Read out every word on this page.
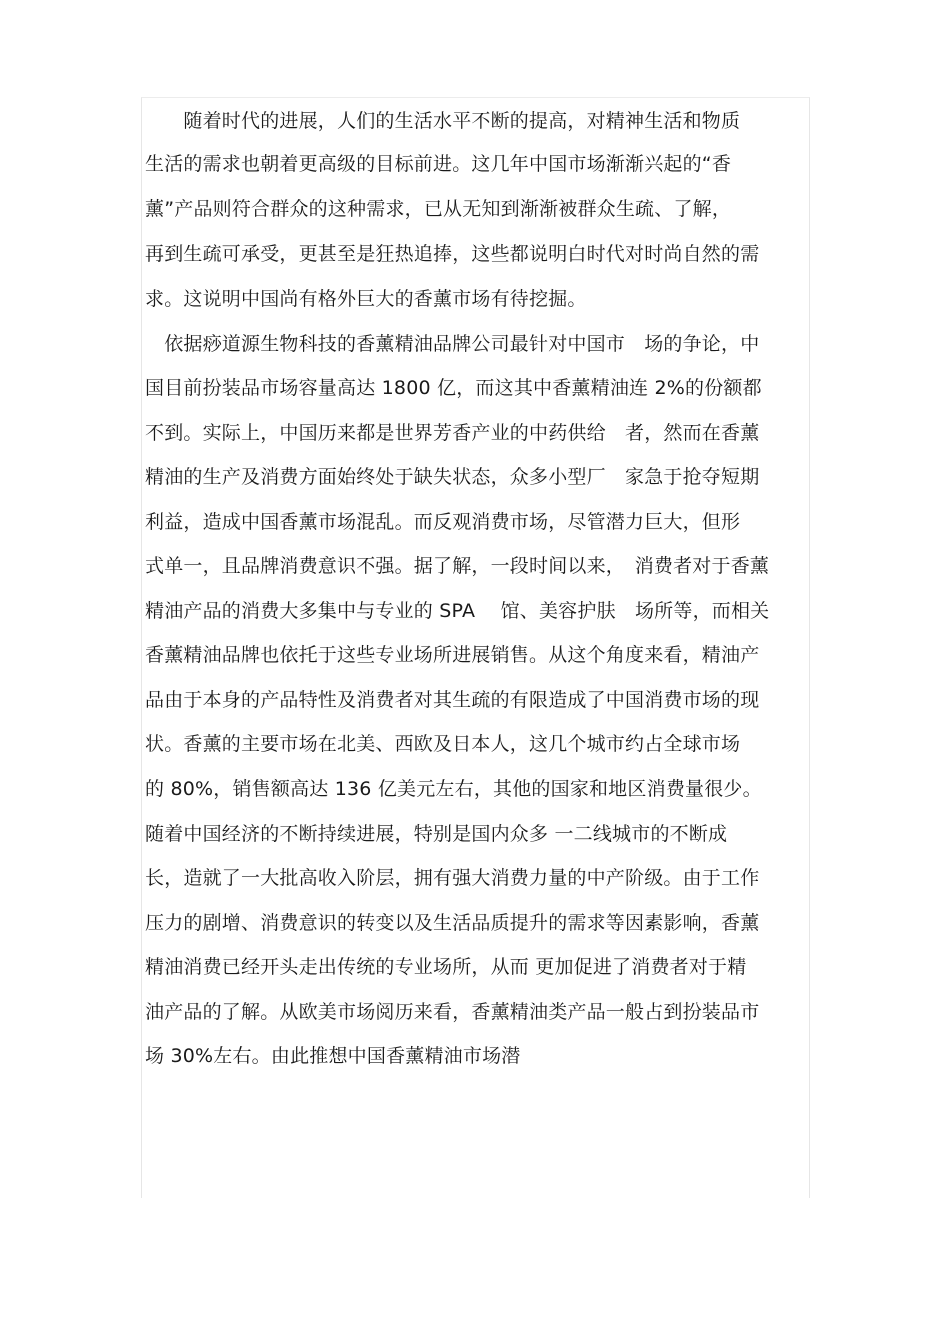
　　随着时代的进展，人们的生活水平不断的提高，对精神生活和物质
生活的需求也朝着更高级的目标前进。这几年中国市场渐渐兴起的“香
薰”产品则符合群众的这种需求，已从无知到渐渐被群众生疏、了解，
再到生疏可承受，更甚至是狂热追捧，这些都说明白时代对时尚自然的需
求。这说明中国尚有格外巨大的香薰市场有待挖掘。
　依据痧道源生物科技的香薰精油品牌公司最针对中国市　场的争论，中
国目前扮装品市场容量高达 1800 亿，而这其中香薰精油连 2%的份额都
不到。实际上，中国历来都是世界芳香产业的中药供给　者，然而在香薰
精油的生产及消费方面始终处于缺失状态，众多小型厂　家急于抢夺短期
利益，造成中国香薰市场混乱。而反观消费市场，尽管潜力巨大，但形
式单一，且品牌消费意识不强。据了解，一段时间以来，　消费者对于香薰
精油产品的消费大多集中与专业的 SPA 　馆、美容护肤　场所等，而相关
香薰精油品牌也依托于这些专业场所进展销售。从这个角度来看，精油产
品由于本身的产品特性及消费者对其生疏的有限造成了中国消费市场的现
状。香薰的主要市场在北美、西欧及日本人，这几个城市约占全球市场
的 80%，销售额高达 136 亿美元左右，其他的国家和地区消费量很少。
随着中国经济的不断持续进展，特别是国内众多 一二线城市的不断成
长，造就了一大批高收入阶层，拥有强大消费力量的中产阶级。由于工作
压力的剧增、消费意识的转变以及生活品质提升的需求等因素影响，香薰
精油消费已经开头走出传统的专业场所，从而 更加促进了消费者对于精
油产品的了解。从欧美市场阅历来看，香薰精油类产品一般占到扮装品市
场 30%左右。由此推想中国香薰精油市场潜
